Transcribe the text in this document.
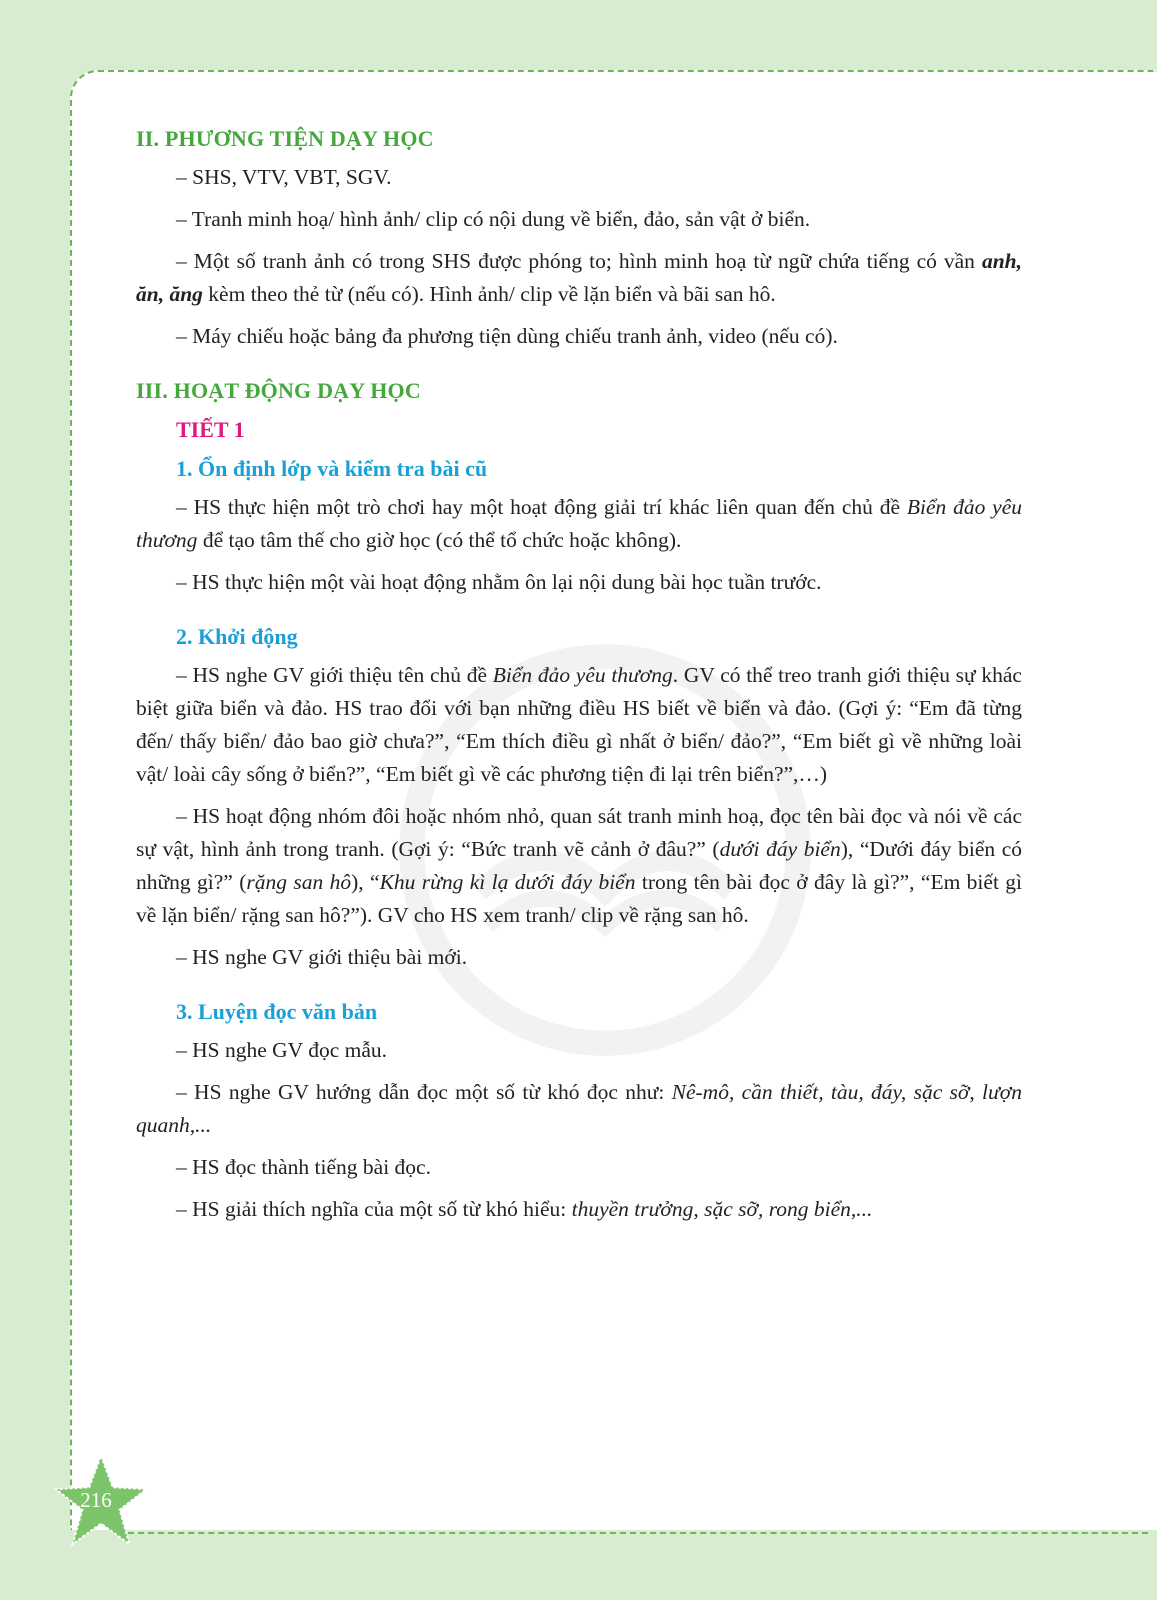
II. PHƯƠNG TIỆN DẠY HỌC

– SHS, VTV, VBT, SGV.

– Tranh minh hoạ/ hình ảnh/ clip có nội dung về biển, đảo, sản vật ở biển.

– Một số tranh ảnh có trong SHS được phóng to; hình minh hoạ từ ngữ chứa tiếng có vần anh, ăn, ăng kèm theo thẻ từ (nếu có). Hình ảnh/ clip về lặn biển và bãi san hô.

– Máy chiếu hoặc bảng đa phương tiện dùng chiếu tranh ảnh, video (nếu có).

III. HOẠT ĐỘNG DẠY HỌC
TIẾT 1
1. Ổn định lớp và kiểm tra bài cũ

– HS thực hiện một trò chơi hay một hoạt động giải trí khác liên quan đến chủ đề Biển đảo yêu thương để tạo tâm thế cho giờ học (có thể tổ chức hoặc không).

– HS thực hiện một vài hoạt động nhằm ôn lại nội dung bài học tuần trước.

2. Khởi động

– HS nghe GV giới thiệu tên chủ đề Biển đảo yêu thương. GV có thể treo tranh giới thiệu sự khác biệt giữa biển và đảo. HS trao đổi với bạn những điều HS biết về biển và đảo. (Gợi ý: “Em đã từng đến/ thấy biển/ đảo bao giờ chưa?”, “Em thích điều gì nhất ở biển/ đảo?”, “Em biết gì về những loài vật/ loài cây sống ở biển?”, “Em biết gì về các phương tiện đi lại trên biển?”,…)

– HS hoạt động nhóm đôi hoặc nhóm nhỏ, quan sát tranh minh hoạ, đọc tên bài đọc và nói về các sự vật, hình ảnh trong tranh. (Gợi ý: “Bức tranh vẽ cảnh ở đâu?” (dưới đáy biển), “Dưới đáy biển có những gì?” (rặng san hô), “Khu rừng kì lạ dưới đáy biển trong tên bài đọc ở đây là gì?”, “Em biết gì về lặn biển/ rặng san hô?”). GV cho HS xem tranh/ clip về rặng san hô.

– HS nghe GV giới thiệu bài mới.

3. Luyện đọc văn bản

– HS nghe GV đọc mẫu.

– HS nghe GV hướng dẫn đọc một số từ khó đọc như: Nê-mô, cần thiết, tàu, đáy, sặc sỡ, lượn quanh,...

– HS đọc thành tiếng bài đọc.

– HS giải thích nghĩa của một số từ khó hiểu: thuyền trưởng, sặc sỡ, rong biển,...

216
